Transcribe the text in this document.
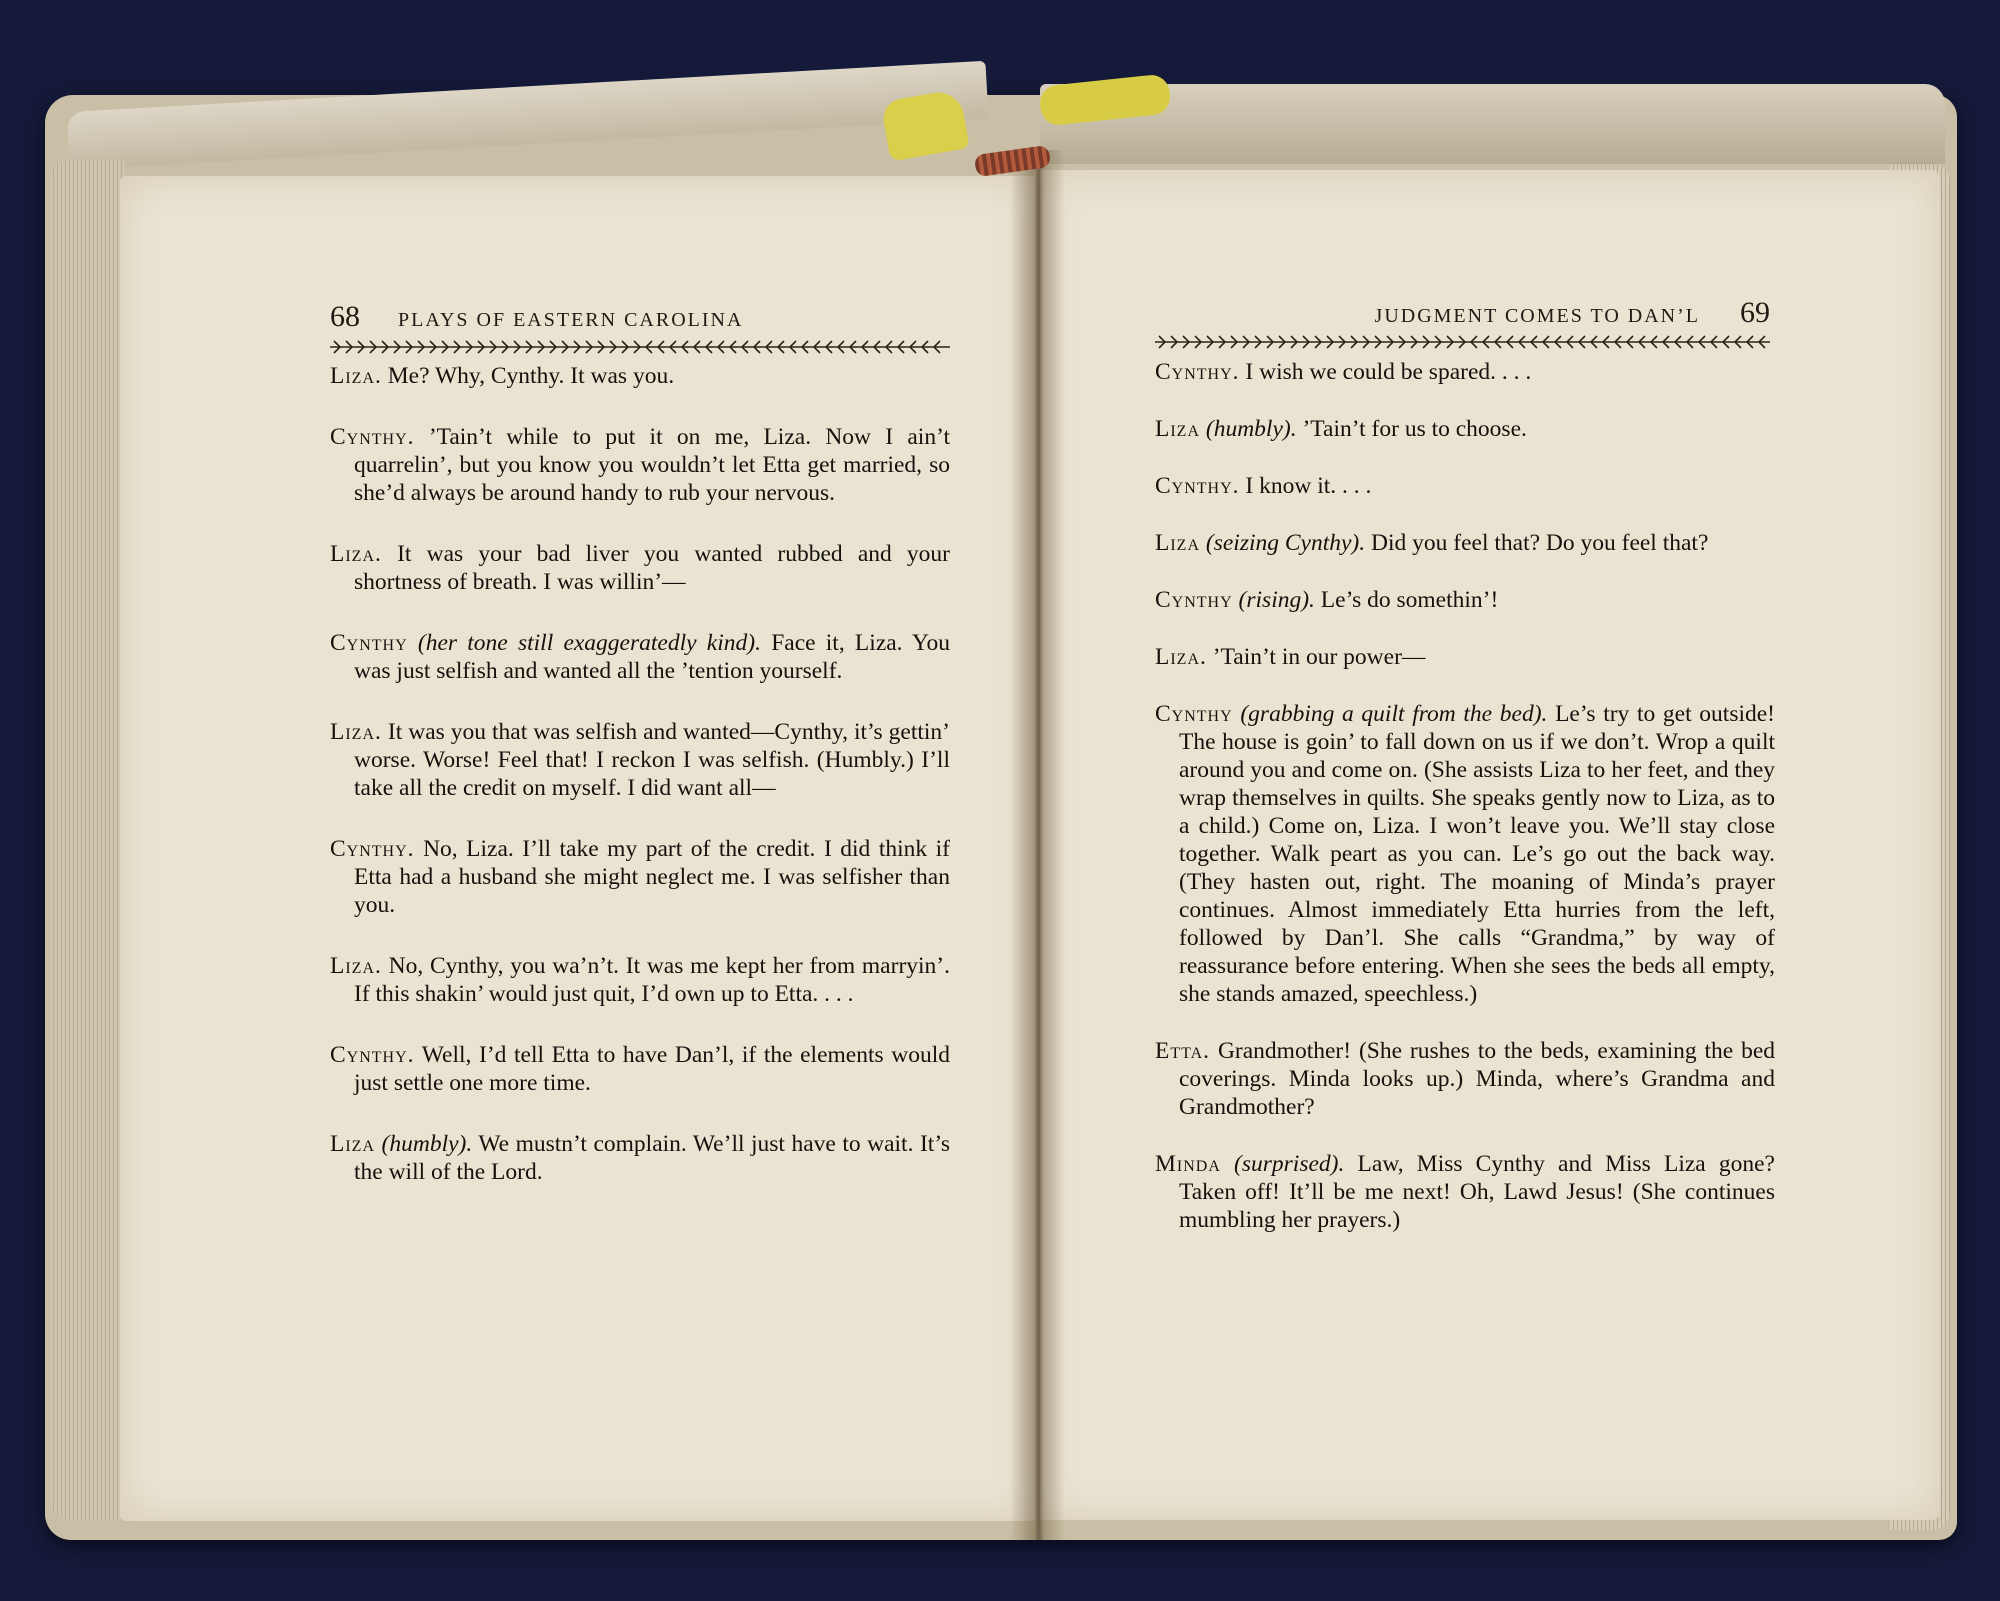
68 PLAYS OF EASTERN CAROLINA

Liza. Me? Why, Cynthy. It was you.

Cynthy. ’Tain’t while to put it on me, Liza. Now I ain’t quarrelin’, but you know you wouldn’t let Etta get married, so she’d always be around handy to rub your nervous.

Liza. It was your bad liver you wanted rubbed and your shortness of breath. I was willin’—

Cynthy (her tone still exaggeratedly kind). Face it, Liza. You was just selfish and wanted all the ’tention yourself.

Liza. It was you that was selfish and wanted—Cynthy, it’s gettin’ worse. Worse! Feel that! I reckon I was selfish. (Humbly.) I’ll take all the credit on myself. I did want all—

Cynthy. No, Liza. I’ll take my part of the credit. I did think if Etta had a husband she might neglect me. I was selfisher than you.

Liza. No, Cynthy, you wa’n’t. It was me kept her from marryin’. If this shakin’ would just quit, I’d own up to Etta. . . .

Cynthy. Well, I’d tell Etta to have Dan’l, if the elements would just settle one more time.

Liza (humbly). We mustn’t complain. We’ll just have to wait. It’s the will of the Lord.

JUDGMENT COMES TO DAN’L 69

Cynthy. I wish we could be spared. . . .

Liza (humbly). ’Tain’t for us to choose.

Cynthy. I know it. . . .

Liza (seizing Cynthy). Did you feel that? Do you feel that?

Cynthy (rising). Le’s do somethin’!

Liza. ’Tain’t in our power—

Cynthy (grabbing a quilt from the bed). Le’s try to get outside! The house is goin’ to fall down on us if we don’t. Wrop a quilt around you and come on. (She assists Liza to her feet, and they wrap themselves in quilts. She speaks gently now to Liza, as to a child.) Come on, Liza. I won’t leave you. We’ll stay close together. Walk peart as you can. Le’s go out the back way. (They hasten out, right. The moaning of Minda’s prayer continues. Almost immediately Etta hurries from the left, followed by Dan’l. She calls “Grandma,” by way of reassurance before entering. When she sees the beds all empty, she stands amazed, speechless.)

Etta. Grandmother! (She rushes to the beds, examining the bed coverings. Minda looks up.) Minda, where’s Grandma and Grandmother?

Minda (surprised). Law, Miss Cynthy and Miss Liza gone? Taken off! It’ll be me next! Oh, Lawd Jesus! (She continues mumbling her prayers.)
